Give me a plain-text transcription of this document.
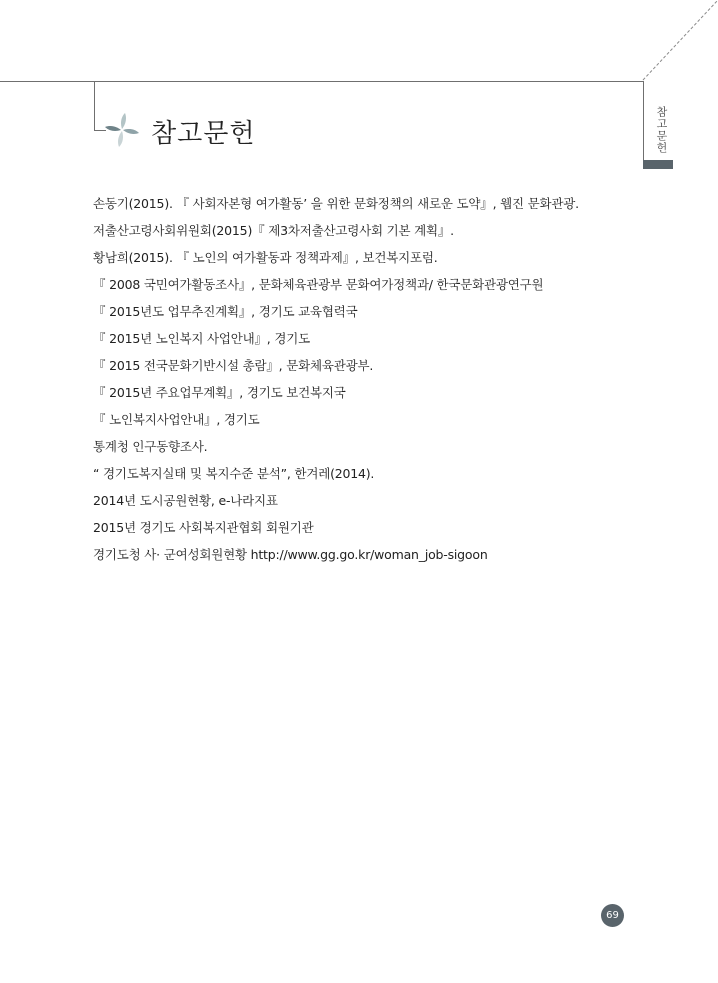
참고문헌
참고문헌
손동기(2015). 『 사회자본형 여가활동’ 을 위한 문화정책의 새로운 도약』, 웹진 문화관광.
저출산고령사회위원회(2015)『 제3차저출산고령사회 기본 계획』.
황남희(2015). 『 노인의 여가활동과 정책과제』, 보건복지포럼.
『 2008 국민여가활동조사』, 문화체육관광부 문화여가정책과/ 한국문화관광연구원
『 2015년도 업무추진계획』, 경기도 교육협력국
『 2015년 노인복지 사업안내』, 경기도
『 2015 전국문화기반시설 총람』, 문화체육관광부.
『 2015년 주요업무계획』, 경기도 보건복지국
『 노인복지사업안내』, 경기도
통계청 인구동향조사.
“ 경기도복지실태 및 복지수준 분석”, 한겨레(2014).
2014년 도시공원현황, e-나라지표
2015년 경기도 사회복지관협회 회원기관
경기도청 사· 군여성회원현황 http://www.gg.go.kr/woman_job-sigoon
69
